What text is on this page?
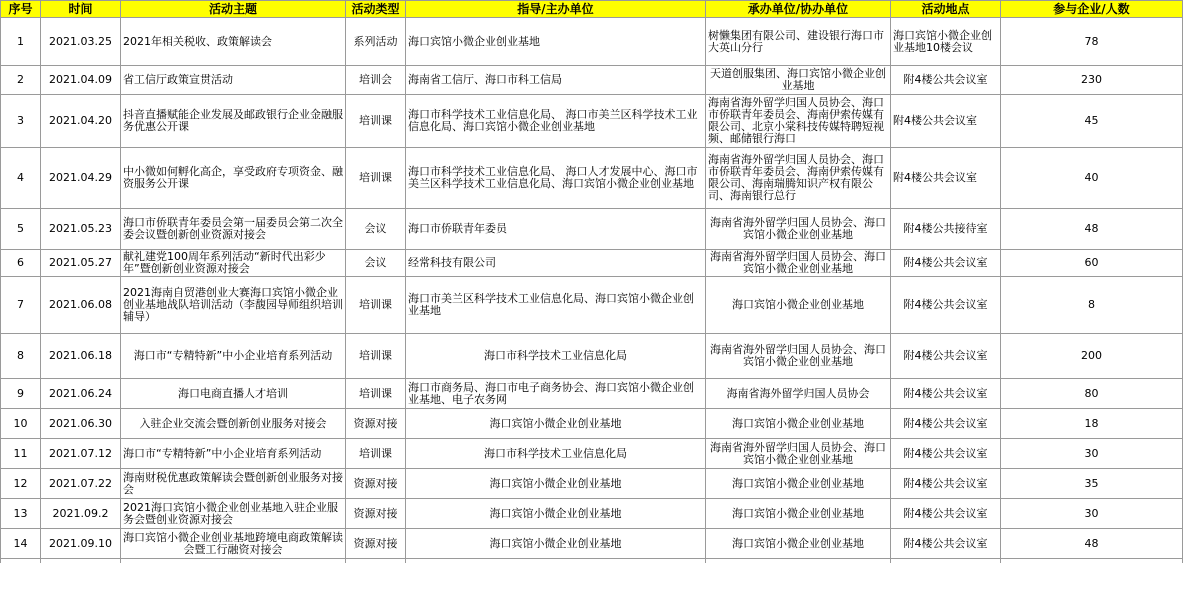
序号	时间	活动主题	活动类型	指导/主办单位	承办单位/协办单位	活动地点	参与企业/人数
1	2021.03.25	2021年相关税收、政策解读会	系列活动	海口宾馆小微企业创业基地	树懒集团有限公司、建设银行海口市大英山分行	海口宾馆小微企业创业基地10楼会议	78
2	2021.04.09	省工信厅政策宣贯活动	培训会	海南省工信厅、海口市科工信局	天道创服集团、海口宾馆小微企业创业基地	附4楼公共会议室	230
3	2021.04.20	抖音直播赋能企业发展及邮政银行企业金融服务优惠公开课	培训课	海口市科学技术工业信息化局、 海口市美兰区科学技术工业信息化局、海口宾馆小微企业创业基地	海南省海外留学归国人员协会、海口市侨联青年委员会、海南伊索传媒有限公司、北京小棠科技传媒特聘短视频、邮储银行海口	附4楼公共会议室	45
4	2021.04.29	中小微如何孵化高企，享受政府专项资金、融资服务公开课	培训课	海口市科学技术工业信息化局、 海口人才发展中心、海口市美兰区科学技术工业信息化局、海口宾馆小微企业创业基地	海南省海外留学归国人员协会、海口市侨联青年委员会、海南伊索传媒有限公司、海南瑞腾知识产权有限公司、海南银行总行	附4楼公共会议室	40
5	2021.05.23	海口市侨联青年委员会第一届委员会第二次全委会议暨创新创业资源对接会	会议	海口市侨联青年委员	海南省海外留学归国人员协会、海口宾馆小微企业创业基地	附4楼公共接待室	48
6	2021.05.27	献礼建党100周年系列活动“新时代出彩少年”暨创新创业资源对接会	会议	经常科技有限公司	海南省海外留学归国人员协会、海口宾馆小微企业创业基地	附4楼公共会议室	60
7	2021.06.08	2021海南自贸港创业大赛海口宾馆小微企业创业基地战队培训活动（李馥园导师组织培训辅导）	培训课	海口市美兰区科学技术工业信息化局、海口宾馆小微企业创业基地	海口宾馆小微企业创业基地	附4楼公共会议室	8
8	2021.06.18	海口市“专精特新”中小企业培育系列活动	培训课	海口市科学技术工业信息化局	海南省海外留学归国人员协会、海口宾馆小微企业创业基地	附4楼公共会议室	200
9	2021.06.24	海口电商直播人才培训	培训课	海口市商务局、海口市电子商务协会、海口宾馆小微企业创业基地、电子农务网	海南省海外留学归国人员协会	附4楼公共会议室	80
10	2021.06.30	入驻企业交流会暨创新创业服务对接会	资源对接	海口宾馆小微企业创业基地	海口宾馆小微企业创业基地	附4楼公共会议室	18
11	2021.07.12	海口市“专精特新”中小企业培育系列活动	培训课	海口市科学技术工业信息化局	海南省海外留学归国人员协会、海口宾馆小微企业创业基地	附4楼公共会议室	30
12	2021.07.22	海南财税优惠政策解读会暨创新创业服务对接会	资源对接	海口宾馆小微企业创业基地	海口宾馆小微企业创业基地	附4楼公共会议室	35
13	2021.09.2	2021海口宾馆小微企业创业基地入驻企业服务会暨创业资源对接会	资源对接	海口宾馆小微企业创业基地	海口宾馆小微企业创业基地	附4楼公共会议室	30
14	2021.09.10	海口宾馆小微企业创业基地跨境电商政策解读会暨工行融资对接会	资源对接	海口宾馆小微企业创业基地	海口宾馆小微企业创业基地	附4楼公共会议室	48
